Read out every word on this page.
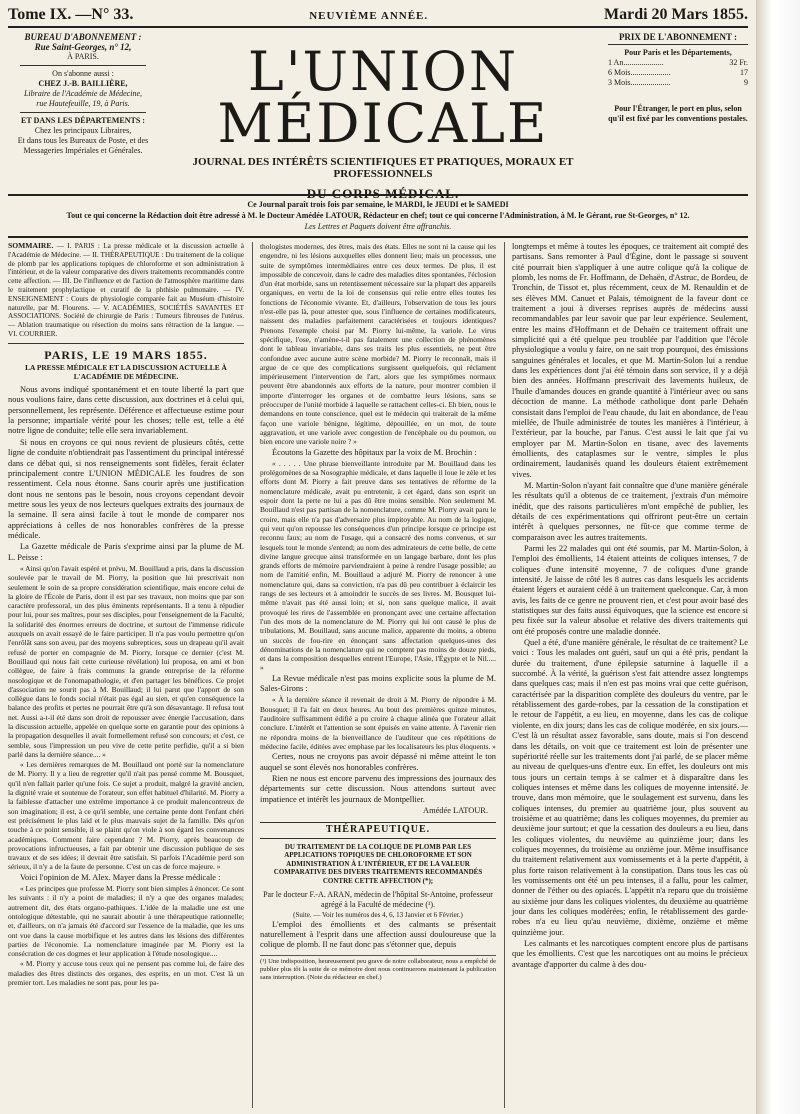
Tome IX. —N° 33.	NEUVIÈME ANNÉE.	Mardi 20 Mars 1855.
BUREAU D'ABONNEMENT :
Rue Saint-Georges, n° 12,
À PARIS.
On s'abonne aussi :
CHEZ J.-B. BAILLIÈRE,
Libraire de l'Académie de Médecine,
rue Hautefeuille, 19, à Paris.
ET DANS LES DÉPARTEMENTS :
Chez les principaux Libraires,
Et dans tous les Bureaux de Poste, et des
Messageries Impériales et Générales.
L'UNION MÉDICALE
JOURNAL DES INTÉRÊTS SCIENTIFIQUES ET PRATIQUES, MORAUX ET PROFESSIONNELS
DU CORPS MÉDICAL.
PRIX DE L'ABONNEMENT :
Pour Paris et les Départements,
1 An....................	32 Fr.
6 Mois....................	17
3 Mois....................	9
Pour l'Étranger, le port en plus, selon qu'il est fixé par les conventions postales.
Ce Journal paraît trois fois par semaine, le MARDI, le JEUDI et le SAMEDI
Tout ce qui concerne la Rédaction doit être adressé à M. le Docteur Amédée LATOUR, Rédacteur en chef; tout ce qui concerne l'Administration, à M. le Gérant, rue St-Georges, n° 12.
Les Lettres et Paquets doivent être affranchis.
SOMMAIRE. — I. PARIS : La presse médicale et la discussion actuelle à l'Académie de Médecine. — II. THÉRAPEUTIQUE : Du traitement de la colique de plomb par les applications topiques de chloroforme et son administration à l'intérieur, et de la valeur comparative des divers traitements recommandés contre cette affection. — III. De l'influence et de l'action de l'atmosphère maritime dans le traitement prophylactique et curatif de la phthisie pulmonaire. — IV. ENSEIGNEMENT : Cours de physiologie comparée fait au Muséum d'histoire naturelle, par M. Flourens. — V. ACADÉMIES, SOCIÉTÉS SAVANTES ET ASSOCIATIONS. Société de chirurgie de Paris : Tumeurs fibreuses de l'utérus. — Ablation traumatique ou résection du moins sans rétraction de la langue. — VI. COURRIER.
PARIS, LE 19 MARS 1855.
LA PRESSE MÉDICALE ET LA DISCUSSION ACTUELLE À L'ACADÉMIE DE MÉDECINE.

Nous avons indiqué spontanément et en toute liberté la part que nous voulions faire, dans cette discussion, aux doctrines et à celui qui, personnellement, les représente. Déférence et affectueuse estime pour la personne; impartiale vérité pour les choses; telle est, telle a été notre ligne de conduite; telle elle sera invariablement.

Si nous en croyons ce qui nous revient de plusieurs côtés, cette ligne de conduite n'obtiendrait pas l'assentiment du principal intéressé dans ce débat qui, si nos renseignements sont fidèles, ferait éclater principalement contre L'UNION MÉDICALE les foudres de son ressentiment. Cela nous étonne. Sans courir après une justification dont nous ne sentons pas le besoin, nous croyons cependant devoir mettre sous les yeux de nos lecteurs quelques extraits des journaux de la semaine. Il sera ainsi facile à tout le monde de comparer nos appréciations à celles de nos honorables confrères de la presse médicale.

La Gazette médicale de Paris s'exprime ainsi par la plume de M. L. Peisse :

« Ainsi qu'on l'avait espéré et prévu, M. Bouillaud a pris, dans la discussion soulevée par le travail de M. Piorry, la position que lui prescrivait non seulement le soin de sa propre considération scientifique, mais encore celui de la gloire de l'École de Paris, dont il est par ses travaux, non moins que par son caractère professoral, un des plus éminents représentants. Il a tenu à répudier pour lui, pour ses maîtres, pour ses disciples, pour l'enseignement de la Faculté, la solidarité des énormes erreurs de doctrine, et surtout de l'immense ridicule auxquels on avait essayé de le faire participer. Il n'a pas voulu permettre qu'on l'enrôlât sans son aveu, par des moyens subreptices, sous un drapeau qu'il avait refusé de porter en compagnie de M. Piorry, lorsque ce dernier (c'est M. Bouillaud qui nous fait cette curieuse révélation) lui proposa, en ami et bon collègue, de faire à frais communs la grande entreprise de la réforme nosologique et de l'onomapathologie, et d'en partager les bénéfices. Ce projet d'association ne sourit pas à M. Bouillaud; il lui parut que l'apport de son collègue dans le fonds social n'était pas égal au sien, et qu'en conséquence la balance des profits et pertes ne pourrait être qu'à son désavantage. Il refusa tout net. Aussi a-t-il été dans son droit de repousser avec énergie l'accusation, dans la discussion actuelle, appelée en quelque sorte en garantie pour des opinions à la propagation desquelles il avait formellement refusé son concours; et c'est, ce semble, sous l'impression un peu vive de cette petite perfidie, qu'il a si bien parlé dans la dernière séance.... »

« Les dernières remarques de M. Bouillaud ont porté sur la nomenclature de M. Piorry. Il y a lieu de regretter qu'il n'ait pas pensé comme M. Bousquet, qu'il n'en fallait parler qu'une fois. Ce sujet a produit, malgré la gravité ancien, la dignité vraie et soutenue de l'orateur, son effet habituel d'hilarité. M. Piorry a la faiblesse d'attacher une extrême importance à ce produit malencontreux de son imagination; il est, à ce qu'il semble, une certaine pente dont l'enfant chéri est précisément le plus laid et le plus mauvais sujet de la famille. Dès qu'on touche à ce point sensible, il se plaint qu'on viole à son égard les convenances académiques. Comment faire cependant ? M. Piorry, après beaucoup de provocations infructueuses, a fait par obtenir une discussion publique de ses travaux et de ses idées; il devrait être satisfait. Si parfois l'Académie perd son sérieux, il n'y a de la faute de personne. C'est un cas de force majeure. »

Voici l'opinion de M. Alex. Mayer dans la Presse médicale :

« Les principes que professe M. Piorry sont bien simples à énoncer. Ce sont les suivants : il n'y a point de maladies; il n'y a que des organes malades; autrement dit, des états organo-pathiques. L'idée de la maladie une est une ontologique détestable, qui ne saurait aboutir à une thérapeutique rationnelle; et, d'ailleurs, on n'a jamais été d'accord sur l'essence de la maladie, que les uns ont vue dans la cause morbifique et les autres dans les lésions des différentes parties de l'économie. La nomenclature imaginée par M. Piorry est la consécration de ces dogmes et leur application à l'étude nosologique....

« M. Piorry y accuse tous ceux qui ne pensent pas comme lui, de faire des maladies des êtres distincts des organes, des esprits, en un mot. C'est là un premier tort. Les maladies ne sont pas, pour les pa-

thologistes modernes, des êtres, mais des états. Elles ne sont ni la cause qui les engendre, ni les lésions auxquelles elles donnent lieu; mais un processus, une suite de symptômes intermédiaires entre ces deux termes. De plus, il est impossible de concevoir, dans le cadre des maladies dites spontanées, l'éclosion d'un état morbide, sans un retentissement nécessaire sur la plupart des appareils organiques, en vertu de la loi de consensus qui relie entre elles toutes les fonctions de l'économie vivante. Et, d'ailleurs, l'observation de tous les jours n'est-elle pas là, pour attester que, sous l'influence de certaines modificateurs, naissent des maladies parfaitement caractérisées et toujours identiques? Prenons l'exemple choisi par M. Piorry lui-même, la variole. Le virus spécifique, l'ose, n'amène-t-il pas fatalement une collection de phénomènes dont le tableau invariable, dans ses traits les plus essentiels, ne peut être confondue avec aucune autre scène morbide? M. Piorry le reconnaît, mais il argue de ce que des complications surgissent quelquefois, qui réclament impérieusement l'intervention de l'art, alors que les symptômes normaux peuvent être abandonnés aux efforts de la nature, pour montrer combien il importe d'interroger les organes et de combattre leurs lésions, sans se préoccuper de l'unité morbide à laquelle se rattachent celles-ci. Eh bien, nous le demandons en toute conscience, quel est le médecin qui traiterait de la même façon une variole bénigne, légitime, dépouillée, en un mot, de toute aggravation, et une variole avec congestion de l'encéphale ou du poumon, ou bien encore une variole noire ? »

Écoutons la Gazette des hôpitaux par la voix de M. Brochin :

« . . . . . Une phrase bienveillante introduite par M. Bouillaud dans les prolégomènes de sa Nosographie médicale, et dans laquelle il loue le zèle et les efforts dont M. Piorry a fait preuve dans ses tentatives de réforme de la nomenclature médicale, avait pu entretenir, à cet égard, dans son esprit un espoir dont la perte ne lui a pas dû être moins sensible. Non seulement M. Bouillaud n'est pas partisan de la nomenclature, comme M. Piorry avait paru le croire, mais elle n'a pas d'adversaire plus impitoyable. Au nom de la logique, qui veut qu'on repousse les conséquences d'un principe lorsque ce principe est reconnu faux; au nom de l'usage, qui a consacré des noms convenus, et sur lesquels tout le monde s'entend; au nom des admirateurs de cette belle, de cette divine langue grecque ainsi transformée en un langage barbare, dont les plus grands efforts de mémoire parviendraient à peine à rendre l'usage possible; au nom de l'amitié enfin, M. Bouillaud a adjuré M. Piorry de renoncer à une nomenclature qui, dans sa conviction, n'a pas dû peu contribuer à éclaircir les rangs de ses lecteurs et à amoindrir le succès de ses livres. M. Bousquet lui-même n'avait pas été aussi loin; et si, non sans quelque malice, il avait provoqué les rires de l'assemblée en prononçant avec une certaine affectation l'un des mots de la nomenclature de M. Piorry qui lui ont causé le plus de tribulations, M. Bouillaud, sans aucune malice, apparente du moins, a obtenu un succès de fou-rire en énonçant sans affectation quelques-unes des dénominations de la nomenclature qui ne comptent pas moins de douze pieds, et dans la composition desquelles entrent l'Europe, l'Asie, l'Égypte et le Nil..... »

La Revue médicale n'est pas moins explicite sous la plume de M. Sales-Girons :

« À la dernière séance il revenait de droit à M. Piorry de répondre à M. Bousquet; il l'a fait en deux heures. Au bout des premières quinze minutes, l'auditoire suffisamment édifié a pu croire à chaque alinéa que l'orateur allait conclure. L'intérêt et l'attention se sont épuisés en vaine attente. À l'avenir rien ne répondra moins de la bienveillance de l'auditeur que ces répétitions de médecine facile, éditées avec emphase par les localisateurs les plus éloquents. »

Certes, nous ne croyons pas avoir dépassé ni même atteint le ton auquel se sont élevés nos honorables confrères.

Rien ne nous est encore parvenu des impressions des journaux des départements sur cette discussion. Nous attendons surtout avec impatience et intérêt les journaux de Montpellier.

Amédée LATOUR.
THÉRAPEUTIQUE.
DU TRAITEMENT DE LA COLIQUE DE PLOMB PAR LES APPLICATIONS TOPIQUES DE CHLOROFORME ET SON ADMINISTRATION À L'INTÉRIEUR, ET DE LA VALEUR COMPARATIVE DES DIVERS TRAITEMENTS RECOMMANDÉS CONTRE CETTE AFFECTION (*);
Par le docteur F.-A. ARAN, médecin de l'hôpital St-Antoine, professeur agrégé à la Faculté de médecine (¹).
(Suite. — Voir les numéros des 4, 6, 13 Janvier et 6 Février.)

L'emploi des émollients et des calmants se présentait naturellement à l'esprit dans une affection aussi douloureuse que la colique de plomb. Il ne faut donc pas s'étonner que, depuis

(¹) Une indisposition, heureusement peu grave de notre collaborateur, nous a empêché de publier plus tôt la suite de ce mémoire dont nous continuerons maintenant la publication sans interruption. (Note du rédacteur en chef.)

longtemps et même à toutes les époques, ce traitement ait compté des partisans. Sans remonter à Paul d'Égine, dont le passage si souvent cité pourrait bien s'appliquer à une autre colique qu'à la colique de plomb, les noms de Fr. Hoffmann, de Dehaën, d'Astruc, de Bordeu, de Tronchin, de Tissot et, plus récemment, ceux de M. Renauldin et de ses élèves MM. Canuet et Palais, témoignent de la faveur dont ce traitement a joui à diverses reprises auprès de médecins aussi recommandables par leur savoir que par leur expérience. Seulement, entre les mains d'Hoffmann et de Dehaën ce traitement offrait une simplicité qui a été quelque peu troublée par l'addition que l'école physiologique a voulu y faire, on ne sait trop pourquoi, des émissions sanguines générales et locales, et que M. Martin-Solon lui a rendue dans les expériences dont j'ai été témoin dans son service, il y a déjà bien des années. Hoffmann prescrivait des lavements huileux, de l'huile d'amandes douces en grande quantité à l'intérieur avec ou sans décoction de manne. La méthode catholique dont parle Dehaën consistait dans l'emploi de l'eau chaude, du lait en abondance, de l'eau miellée, de l'huile administrée de toutes les manières à l'intérieur, à l'extérieur, par la bouche, par l'anus. C'est aussi le lait que j'ai vu employer par M. Martin-Solon en tisane, avec des lavements émollients, des cataplasmes sur le ventre, simples le plus ordinairement, laudanisés quand les douleurs étaient extrêmement vives.

M. Martin-Solon n'ayant fait connaître que d'une manière générale les résultats qu'il a obtenus de ce traitement, j'extrais d'un mémoire inédit, que des raisons particulières m'ont empêché de publier, les détails de ces expérimentations qui offriront peut-être un certain intérêt à quelques personnes, ne fût-ce que comme terme de comparaison avec les autres traitements.

Parmi les 22 malades qui ont été soumis, par M. Martin-Solon, à l'emploi des émollients, 14 étaient atteints de coliques intenses, 7 de coliques d'une intensité moyenne, 7 de coliques d'une grande intensité. Je laisse de côté les 8 autres cas dans lesquels les accidents étaient légers et auraient cédé à un traitement quelconque. Car, à mon avis, les faits de ce genre ne prouvent rien, et c'est pour avoir basé des statistiques sur des faits aussi équivoques, que la science est encore si peu fixée sur la valeur absolue et relative des divers traitements qui ont été proposés contre une maladie donnée.

Quel a été, d'une manière générale, le résultat de ce traitement? Le voici : Tous les malades ont guéri, sauf un qui a été pris, pendant la durée du traitement, d'une épilepsie saturnine à laquelle il a succombé. À la vérité, la guérison s'est fait attendre assez longtemps dans quelques cas; mais il n'en est pas moins vrai que cette guérison, caractérisée par la disparition complète des douleurs du ventre, par le rétablissement des garde-robes, par la cessation de la constipation et le retour de l'appétit, a eu lieu, en moyenne, dans les cas de colique violente, en dix jours; dans les cas de colique modérée, en six jours.— C'est là un résultat assez favorable, sans doute, mais si l'on descend dans les détails, on voit que ce traitement est loin de présenter une supériorité réelle sur les traitements dont j'ai parlé, de se placer même au niveau de quelques-uns d'entre eux. En effet, les douleurs ont mis tous jours un certain temps à se calmer et à disparaître dans les coliques intenses et même dans les coliques de moyenne intensité. Je trouve, dans mon mémoire, que le soulagement est survenu, dans les coliques intenses, du premier au quatrième jour, plus souvent au troisième et au quatrième; dans les coliques moyennes, du premier au deuxième jour surtout; et que la cessation des douleurs a eu lieu, dans les coliques violentes, du neuvième au quinzième jour; dans les coliques moyennes, du troisième au onzième jour. Même insuffisance du traitement relativement aux vomissements et à la perte d'appétit, à plus forte raison relativement à la constipation. Dans tous les cas où les vomissements ont été un peu intenses, il a fallu, pour les calmer, donner de l'éther ou des opiacés. L'appétit n'a reparu que du troisième au sixième jour dans les coliques violentes, du deuxième au quatrième jour dans les coliques modérées; enfin, le rétablissement des garde-robes n'a eu lieu qu'au neuvième, dixième, onzième et même quinzième jour.

Les calmants et les narcotiques comptent encore plus de partisans que les émollients. C'est que les narcotiques ont au moins le précieux avantage d'apporter du calme à des dou-
